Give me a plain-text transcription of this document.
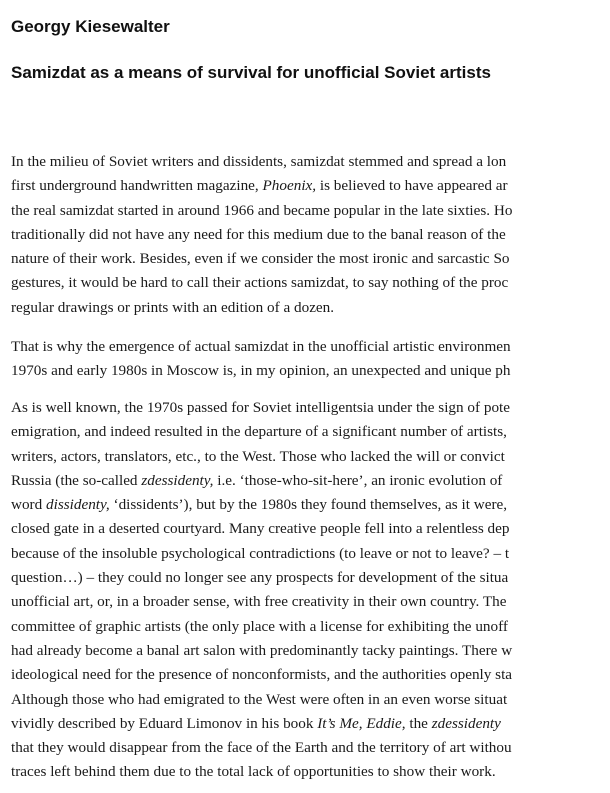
Georgy Kiesewalter
Samizdat as a means of survival for unofficial Soviet artists
In the milieu of Soviet writers and dissidents, samizdat stemmed and spread a lon
first underground handwritten magazine, Phoenix, is believed to have appeared ar
the real samizdat started in around 1966 and became popular in the late sixties. Ho
traditionally did not have any need for this medium due to the banal reason of the
nature of their work. Besides, even if we consider the most ironic and sarcastic So
gestures, it would be hard to call their actions samizdat, to say nothing of the proc
regular drawings or prints with an edition of a dozen.
That is why the emergence of actual samizdat in the unofficial artistic environmen
1970s and early 1980s in Moscow is, in my opinion, an unexpected and unique ph
As is well known, the 1970s passed for Soviet intelligentsia under the sign of pote
emigration, and indeed resulted in the departure of a significant number of artists,
writers, actors, translators, etc., to the West. Those who lacked the will or convict
Russia (the so-called zdessidenty, i.e. ‘those-who-sit-here’, an ironic evolution of
word dissidenty, ‘dissidents’), but by the 1980s they found themselves, as it were,
closed gate in a deserted courtyard. Many creative people fell into a relentless dep
because of the insoluble psychological contradictions (to leave or not to leave? – t
question…) – they could no longer see any prospects for development of the situa
unofficial art, or, in a broader sense, with free creativity in their own country. The
committee of graphic artists (the only place with a license for exhibiting the unoff
had already become a banal art salon with predominantly tacky paintings. There w
ideological need for the presence of nonconformists, and the authorities openly sta
Although those who had emigrated to the West were often in an even worse situat
vividly described by Eduard Limonov in his book It’s Me, Eddie, the zdessidenty
that they would disappear from the face of the Earth and the territory of art withou
traces left behind them due to the total lack of opportunities to show their work.
